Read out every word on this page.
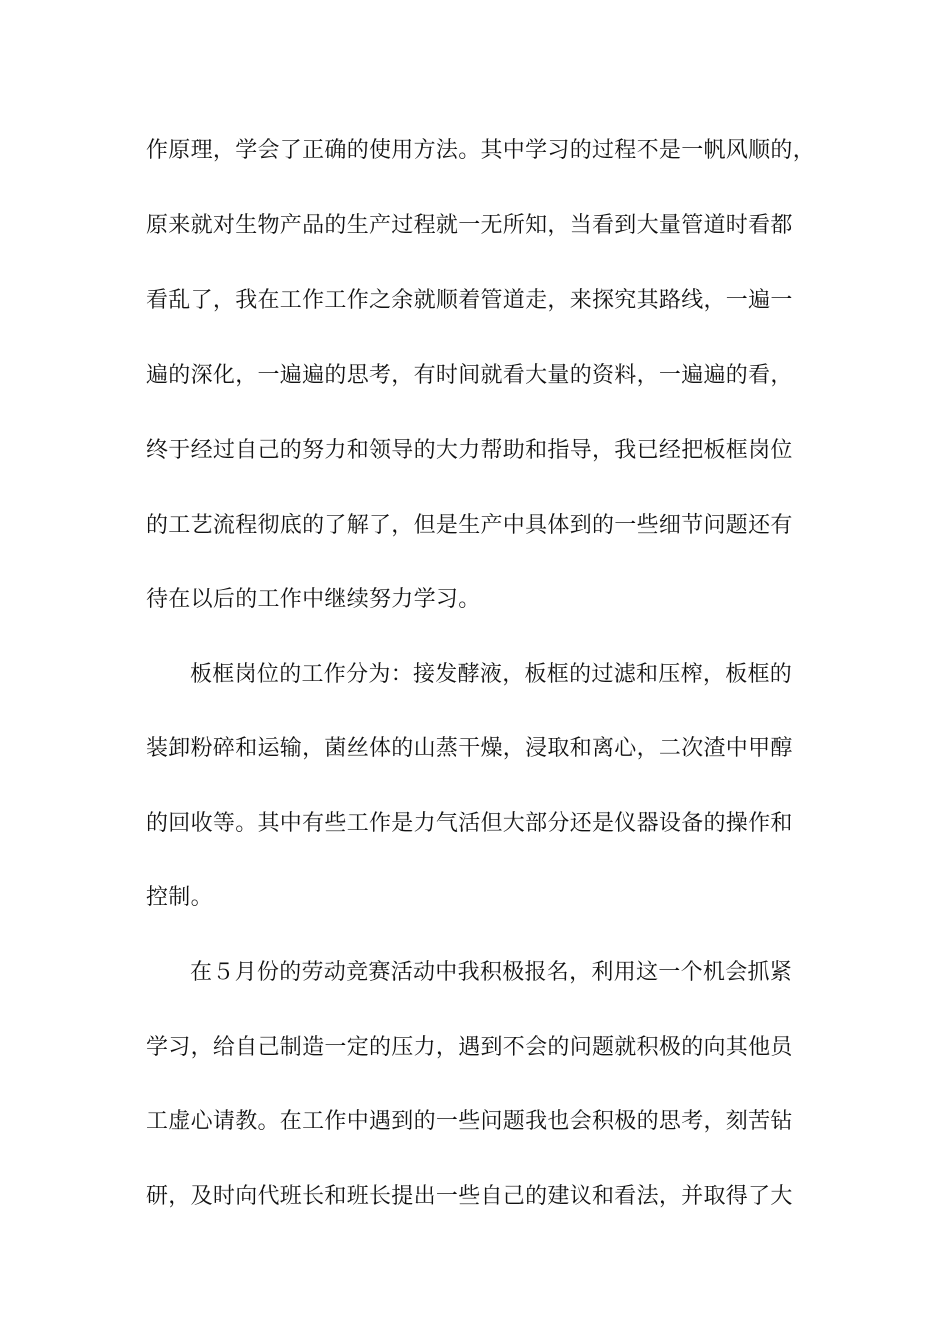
作原理，学会了正确的使用方法。其中学习的过程不是一帆风顺的，
原来就对生物产品的生产过程就一无所知，当看到大量管道时看都
看乱了，我在工作工作之余就顺着管道走，来探究其路线，一遍一
遍的深化，一遍遍的思考，有时间就看大量的资料，一遍遍的看，
终于经过自己的努力和领导的大力帮助和指导，我已经把板框岗位
的工艺流程彻底的了解了，但是生产中具体到的一些细节问题还有
待在以后的工作中继续努力学习。
板框岗位的工作分为：接发酵液，板框的过滤和压榨，板框的
装卸粉碎和运输，菌丝体的山蒸干燥，浸取和离心，二次渣中甲醇
的回收等。其中有些工作是力气活但大部分还是仪器设备的操作和
控制。
在５月份的劳动竞赛活动中我积极报名，利用这一个机会抓紧
学习，给自己制造一定的压力，遇到不会的问题就积极的向其他员
工虚心请教。在工作中遇到的一些问题我也会积极的思考，刻苦钻
研，及时向代班长和班长提出一些自己的建议和看法，并取得了大
